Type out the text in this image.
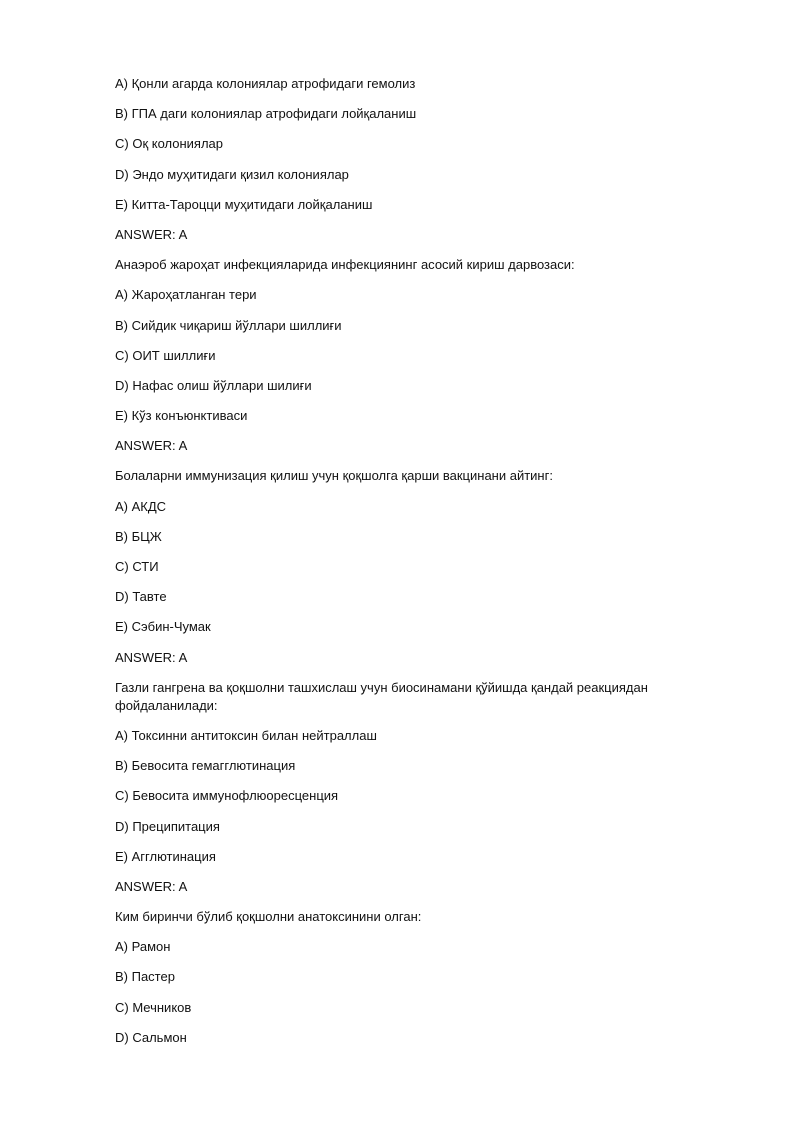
A) Қонли агарда колониялар атрофидаги гемолиз

B) ГПА даги колониялар атрофидаги лойқаланиш

C) Оқ колониялар

D) Эндо муҳитидаги қизил колониялар

E) Китта-Тароцци муҳитидаги лойқаланиш

ANSWER: A

Анаэроб жароҳат инфекцияларида инфекциянинг асосий кириш дарвозаси:

A) Жароҳатланган тери

B) Сийдик чиқариш йўллари шиллиғи

C) ОИТ шиллиғи

D) Нафас олиш йўллари шилиғи

E) Кўз конъюнктиваси

ANSWER: A

Болаларни иммунизация қилиш учун қоқшолга қарши вакцинани айтинг:

A) АКДС

B) БЦЖ

C) СТИ

D) Тавте

E) Сэбин-Чумак

ANSWER: A

Газли гангрена ва қоқшолни ташхислаш учун биосинамани қўйишда қандай реакциядан фойдаланилади:

A) Токсинни антитоксин билан нейтраллаш

B) Бевосита гемагглютинация

C) Бевосита иммунофлюоресценция

D) Преципитация

E) Агглютинация

ANSWER: A

Ким биринчи бўлиб қоқшолни анатоксинини олган:

A) Рамон

B) Пастер

C) Мечников

D) Сальмон
